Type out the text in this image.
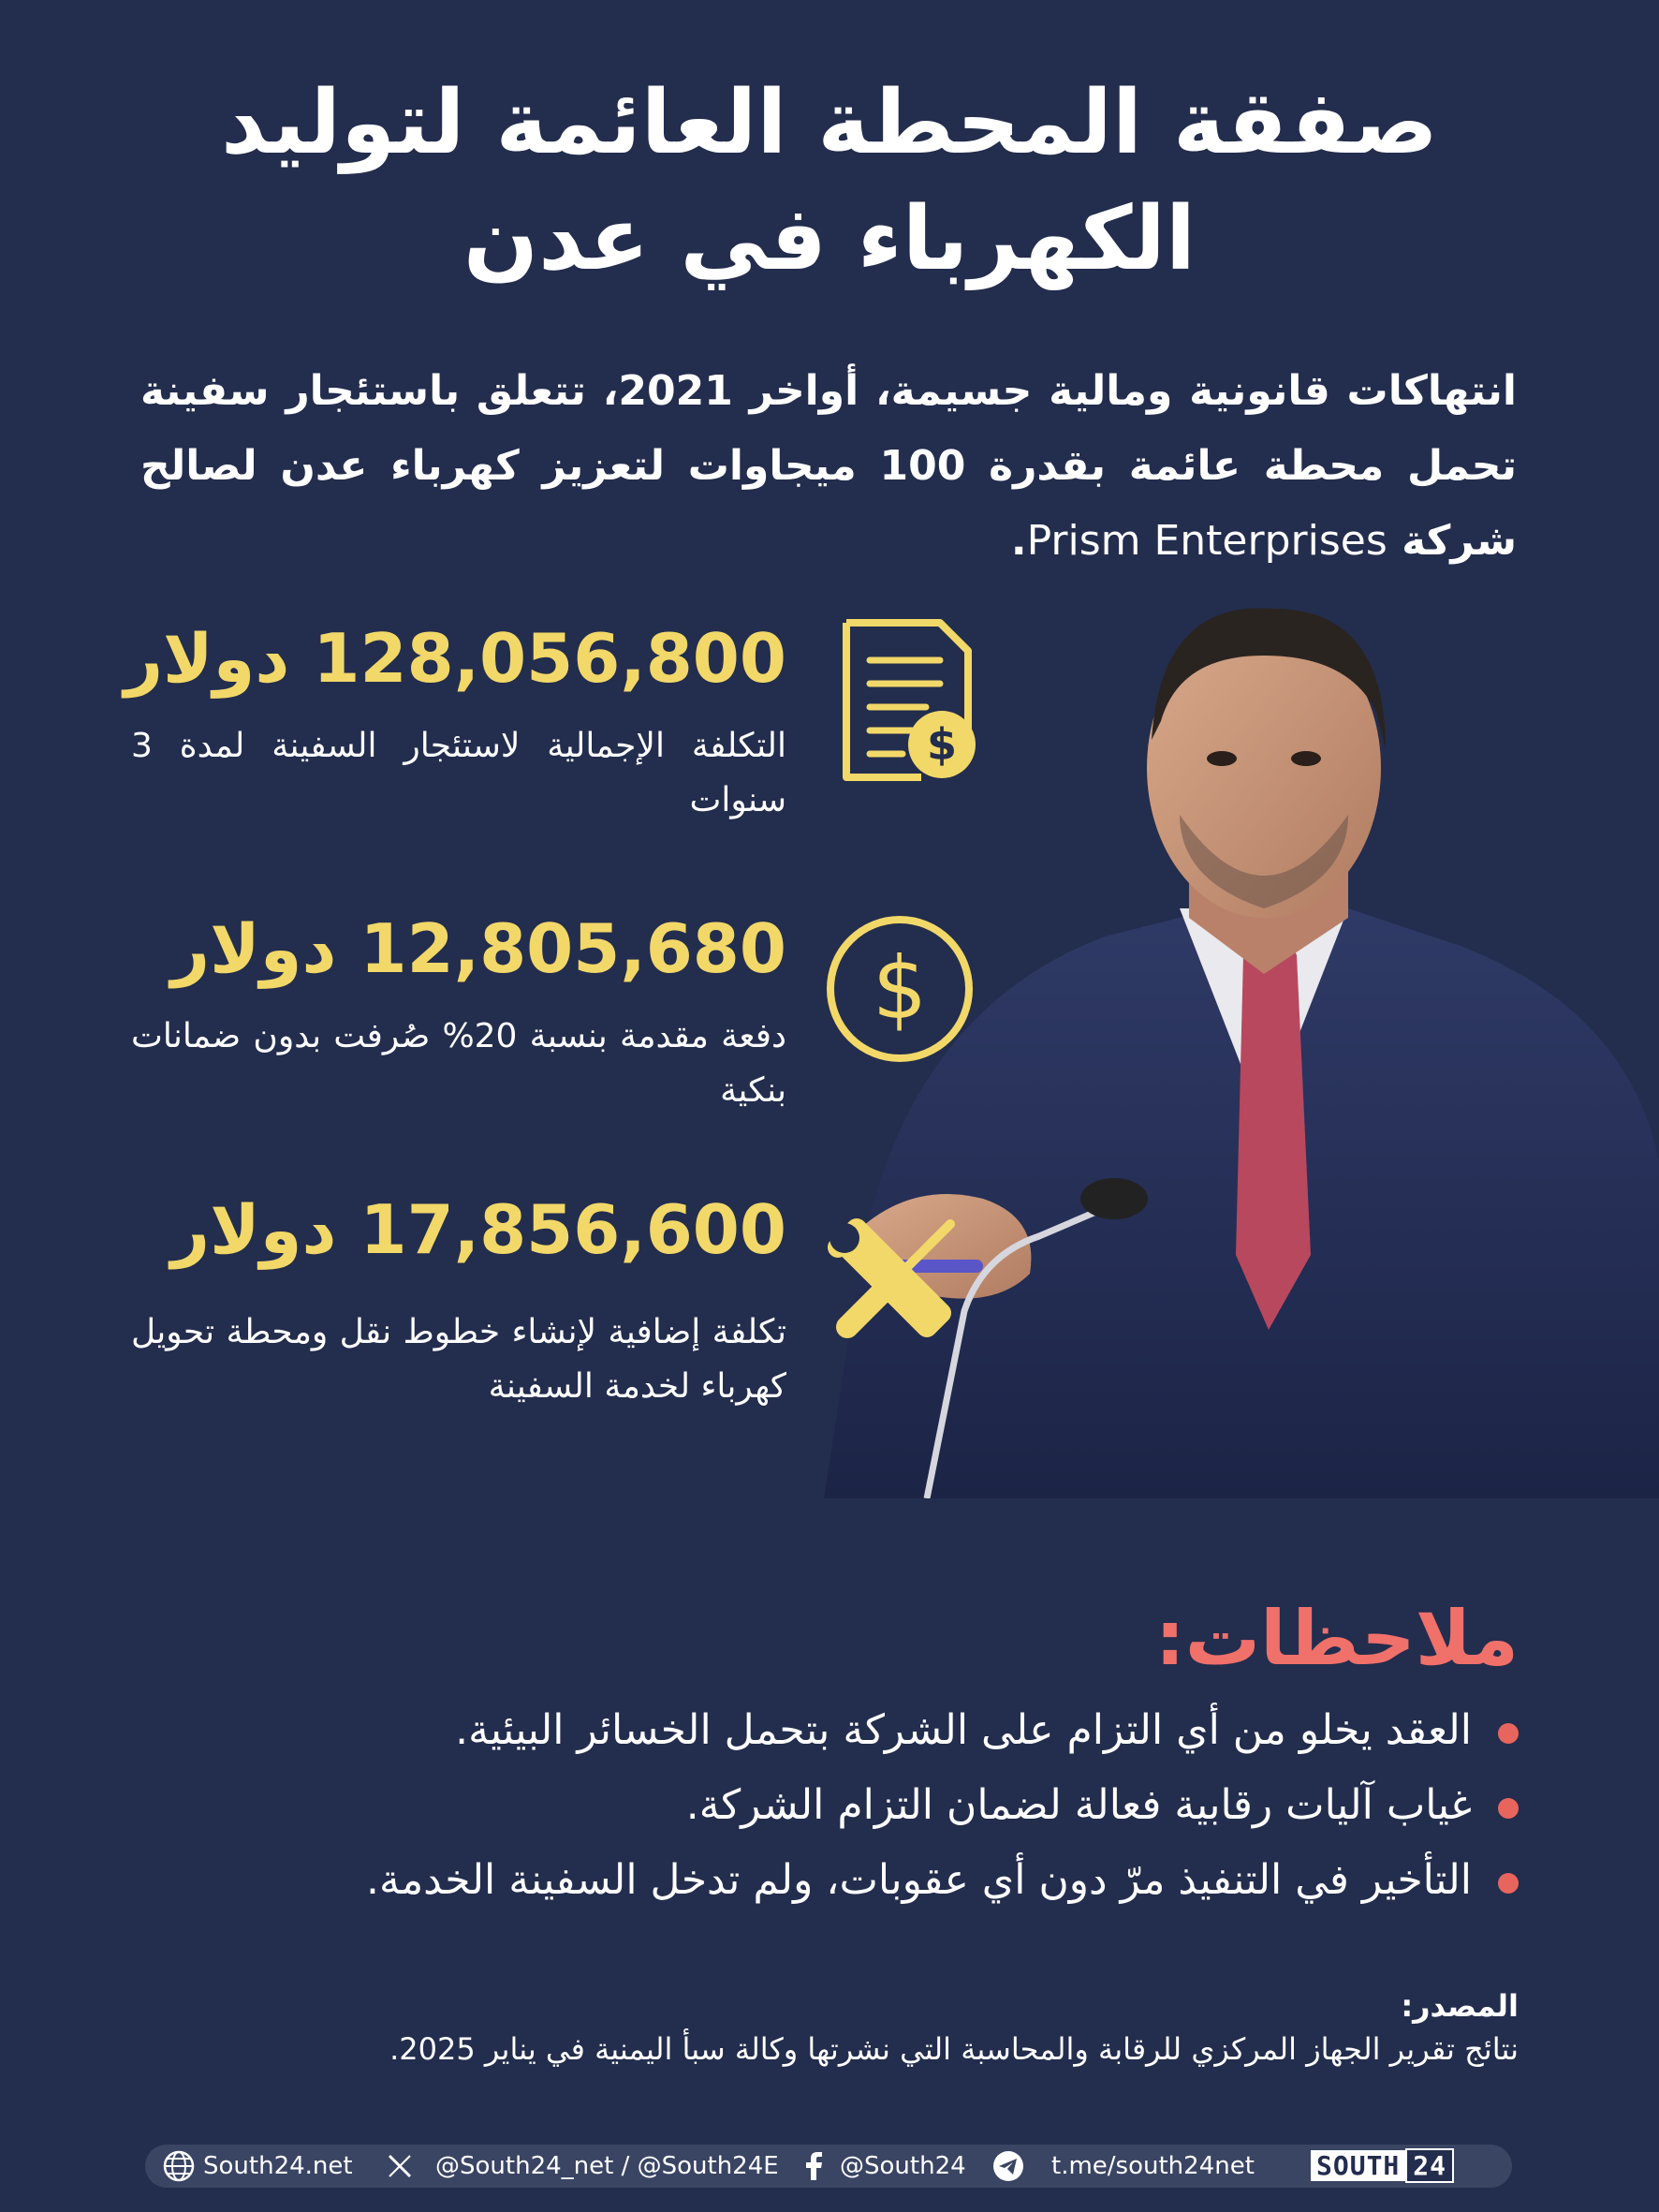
صفقة المحطة العائمة لتوليد
الكهرباء في عدن
انتهاكات قانونية ومالية جسيمة، أواخر 2021، تتعلق باستئجار سفينة تحمل محطة عائمة بقدرة 100 ميجاوات لتعزيز كهرباء عدن لصالح شركة Prism Enterprises.
$
128,056,800 دولار
التكلفة الإجمالية لاستئجار السفينة لمدة 3 سنوات
$
12,805,680 دولار
دفعة مقدمة بنسبة 20% صُرفت بدون ضمانات بنكية
17,856,600 دولار
تكلفة إضافية لإنشاء خطوط نقل ومحطة تحويل كهرباء لخدمة السفينة
ملاحظات:
العقد يخلو من أي التزام على الشركة بتحمل الخسائر البيئية.
غياب آليات رقابية فعالة لضمان التزام الشركة.
التأخير في التنفيذ مرّ دون أي عقوبات، ولم تدخل السفينة الخدمة.
المصدر:
نتائج تقرير الجهاز المركزي للرقابة والمحاسبة التي نشرتها وكالة سبأ اليمنية في يناير 2025.
South24.net	@South24_net / @South24E	@South24	t.me/south24net SOUTH 24
